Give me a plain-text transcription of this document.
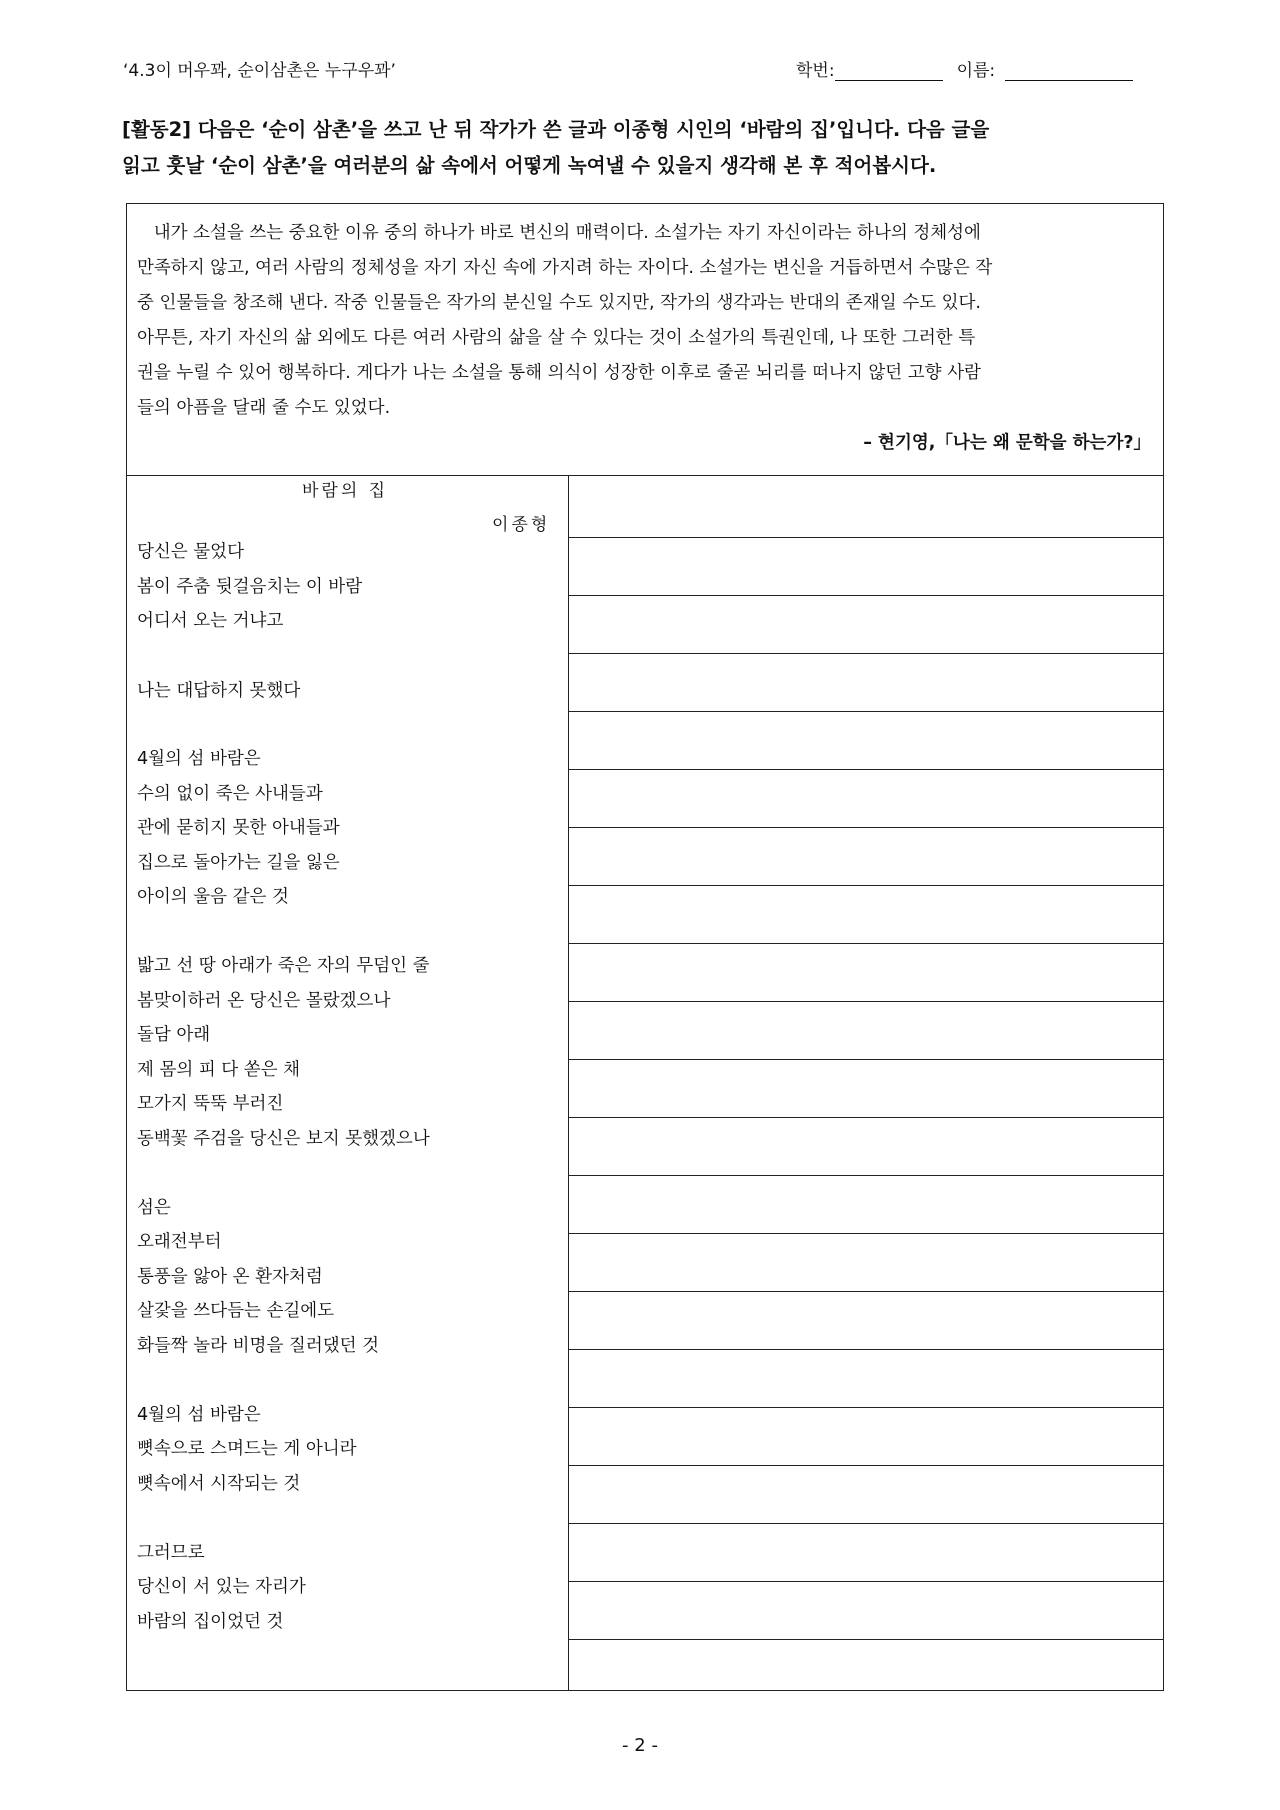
‘4.3이 머우꽈, 순이삼촌은 누구우꽈’	학번:	이름:

[활동2] 다음은 ‘순이 삼촌’을 쓰고 난 뒤 작가가 쓴 글과 이종형 시인의 ‘바람의 집’입니다. 다음 글을

읽고 훗날 ‘순이 삼촌’을 여러분의 삶 속에서 어떻게 녹여낼 수 있을지 생각해 본 후 적어봅시다.

내가 소설을 쓰는 중요한 이유 중의 하나가 바로 변신의 매력이다. 소설가는 자기 자신이라는 하나의 정체성에

만족하지 않고, 여러 사람의 정체성을 자기 자신 속에 가지려 하는 자이다. 소설가는 변신을 거듭하면서 수많은 작

중 인물들을 창조해 낸다. 작중 인물들은 작가의 분신일 수도 있지만, 작가의 생각과는 반대의 존재일 수도 있다.

아무튼, 자기 자신의 삶 외에도 다른 여러 사람의 삶을 살 수 있다는 것이 소설가의 특권인데, 나 또한 그러한 특

권을 누릴 수 있어 행복하다. 게다가 나는 소설을 통해 의식이 성장한 이후로 줄곧 뇌리를 떠나지 않던 고향 사람

들의 아픔을 달래 줄 수도 있었다.

– 현기영,「나는 왜 문학을 하는가?」
바람의 집
이종형
당신은 물었다
봄이 주춤 뒷걸음치는 이 바람
어디서 오는 거냐고
나는 대답하지 못했다
4월의 섬 바람은
수의 없이 죽은 사내들과
관에 묻히지 못한 아내들과
집으로 돌아가는 길을 잃은
아이의 울음 같은 것
밟고 선 땅 아래가 죽은 자의 무덤인 줄
봄맞이하러 온 당신은 몰랐겠으나
돌담 아래
제 몸의 피 다 쏟은 채
모가지 뚝뚝 부러진
동백꽃 주검을 당신은 보지 못했겠으나
섬은
오래전부터
통풍을 앓아 온 환자처럼
살갗을 쓰다듬는 손길에도
화들짝 놀라 비명을 질러댔던 것
4월의 섬 바람은
뼛속으로 스며드는 게 아니라
뼛속에서 시작되는 것
그러므로
당신이 서 있는 자리가
바람의 집이었던 것
- 2 -
